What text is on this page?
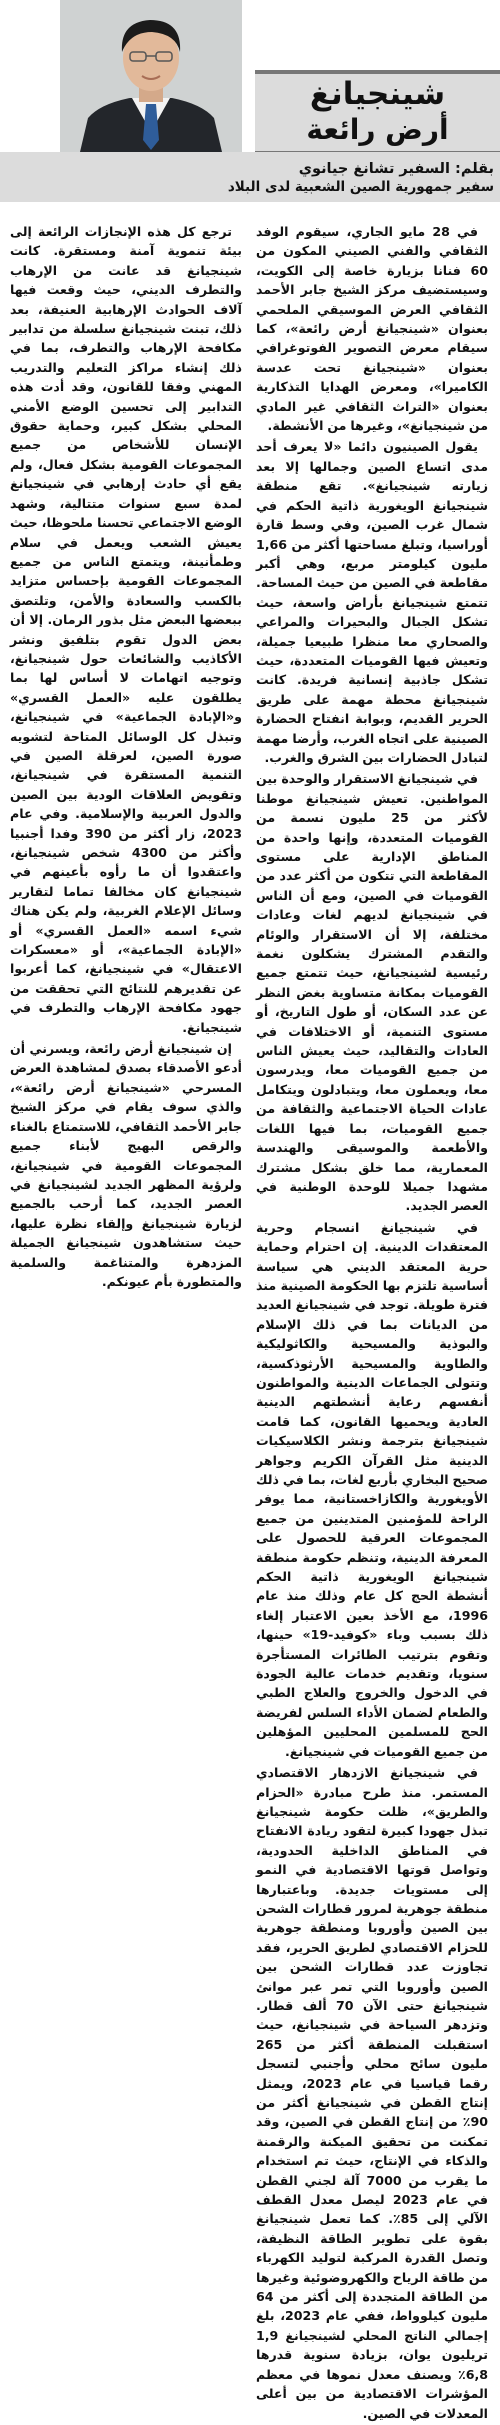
شينجيانغ
أرض رائعة
بقلم: السفير تشانغ جيانوي
سفير جمهورية الصين الشعبية لدى البلاد

في 28 مايو الجاري، سيقوم الوفد الثقافي والفني الصيني المكون من 60 فنانا بزيارة خاصة إلى الكويت، وسيستضيف مركز الشيخ جابر الأحمد الثقافي العرض الموسيقي الملحمي بعنوان «شينجيانغ أرض رائعة»، كما سيقام معرض التصوير الفوتوغرافي بعنوان «شينجيانغ تحت عدسة الكاميرا»، ومعرض الهدايا التذكارية بعنوان «التراث الثقافي غير المادي من شينجيانغ»، وغيرها من الأنشطة.

يقول الصينيون دائما «لا يعرف أحد مدى اتساع الصين وجمالها إلا بعد زيارته شينجيانغ». تقع منطقة شينجيانغ الويغورية ذاتية الحكم في شمال غرب الصين، وفي وسط قارة أوراسيا، وتبلغ مساحتها أكثر من 1,66 مليون كيلومتر مربع، وهي أكبر مقاطعة في الصين من حيث المساحة. تتمتع شينجيانغ بأراض واسعة، حيث تشكل الجبال والبحيرات والمراعي والصحاري معا منظرا طبيعيا جميلة، وتعيش فيها القوميات المتعددة، حيث تشكل جاذبية إنسانية فريدة. كانت شينجيانغ محطة مهمة على طريق الحرير القديم، وبوابة انفتاح الحضارة الصينية على اتجاه الغرب، وأرضا مهمة لتبادل الحضارات بين الشرق والغرب.

في شينجيانغ الاستقرار والوحدة بين المواطنين. تعيش شينجيانغ موطنا لأكثر من 25 مليون نسمة من القوميات المتعددة، وإنها واحدة من المناطق الإدارية على مستوى المقاطعة التي تتكون من أكثر عدد من القوميات في الصين، ومع أن الناس في شينجيانغ لديهم لغات وعادات مختلفة، إلا أن الاستقرار والوئام والتقدم المشترك يشكلون نغمة رئيسية لشينجيانغ، حيث تتمتع جميع القوميات بمكانة متساوية بغض النظر عن عدد السكان، أو طول التاريخ، أو مستوى التنمية، أو الاختلافات في العادات والتقاليد، حيث يعيش الناس من جميع القوميات معا، ويدرسون معا، ويعملون معا، ويتبادلون ويتكامل عادات الحياة الاجتماعية والثقافة من جميع القوميات، بما فيها اللغات والأطعمة والموسيقى والهندسة المعمارية، مما خلق بشكل مشترك مشهدا جميلا للوحدة الوطنية في العصر الجديد.

في شينجيانغ انسجام وحرية المعتقدات الدينية. إن احترام وحماية حرية المعتقد الديني هي سياسة أساسية تلتزم بها الحكومة الصينية منذ فترة طويلة. توجد في شينجيانغ العديد من الديانات بما في ذلك الإسلام والبوذية والمسيحية والكاثوليكية والطاوية والمسيحية الأرثوذكسية، وتتولى الجماعات الدينية والمواطنون أنفسهم رعاية أنشطتهم الدينية العادية ويحميها القانون، كما قامت شينجيانغ بترجمة ونشر الكلاسيكيات الدينية مثل القرآن الكريم وجواهر صحيح البخاري بأربع لغات، بما في ذلك الأويغورية والكازاخستانية، مما يوفر الراحة للمؤمنين المتدينين من جميع المجموعات العرقية للحصول على المعرفة الدينية، وتنظم حكومة منطقة شينجيانغ الويغورية ذاتية الحكم أنشطة الحج كل عام وذلك منذ عام 1996، مع الأخذ بعين الاعتبار إلغاء ذلك بسبب وباء «كوفيد-19» حينها، وتقوم بترتيب الطائرات المستأجرة سنويا، وتقديم خدمات عالية الجودة في الدخول والخروج والعلاج الطبي والطعام لضمان الأداء السلس لفريضة الحج للمسلمين المحليين المؤهلين من جميع القوميات في شينجيانغ.

في شينجيانغ الازدهار الاقتصادي المستمر. منذ طرح مبادرة «الحزام والطريق»، ظلت حكومة شينجيانغ تبذل جهودا كبيرة لتقود ريادة الانفتاح في المناطق الداخلية الحدودية، وتواصل قوتها الاقتصادية في النمو إلى مستويات جديدة. وباعتبارها منطقة جوهرية لمرور قطارات الشحن بين الصين وأوروبا ومنطقة جوهرية للحزام الاقتصادي لطريق الحرير، فقد تجاوزت عدد قطارات الشحن بين الصين وأوروبا التي تمر عبر موانئ شينجيانغ حتى الآن 70 ألف قطار. وتزدهر السياحة في شينجيانغ، حيث استقبلت المنطقة أكثر من 265 مليون سائح محلي وأجنبي لتسجل رقما قياسيا في عام 2023، ويمثل إنتاج القطن في شينجيانغ أكثر من 90٪ من إنتاج القطن في الصين، وقد تمكنت من تحقيق الميكنة والرقمنة والذكاء في الإنتاج، حيث تم استخدام ما يقرب من 7000 آلة لجني القطن في عام 2023 ليصل معدل القطف الآلي إلى 85٪. كما تعمل شينجيانغ بقوة على تطوير الطاقة النظيفة، وتصل القدرة المركبة لتوليد الكهرباء من طاقة الرياح والكهروضوئية وغيرها من الطاقة المتجددة إلى أكثر من 64 مليون كيلوواط، ففي عام 2023، بلغ إجمالي الناتج المحلي لشينجيانغ 1,9 تريليون يوان، بزيادة سنوية قدرها 6,8٪ ويصنف معدل نموها في معظم المؤشرات الاقتصادية من بين أعلى المعدلات في الصين.

ترجع كل هذه الإنجازات الرائعة إلى بيئة تنموية آمنة ومستقرة. كانت شينجيانغ قد عانت من الإرهاب والتطرف الديني، حيث وقعت فيها آلاف الحوادث الإرهابية العنيفة، بعد ذلك، تبنت شينجيانغ سلسلة من تدابير مكافحة الإرهاب والتطرف، بما في ذلك إنشاء مراكز التعليم والتدريب المهني وفقا للقانون، وقد أدت هذه التدابير إلى تحسين الوضع الأمني المحلي بشكل كبير، وحماية حقوق الإنسان للأشخاص من جميع المجموعات القومية بشكل فعال، ولم يقع أي حادث إرهابي في شينجيانغ لمدة سبع سنوات متتالية، وشهد الوضع الاجتماعي تحسنا ملحوظا، حيث يعيش الشعب ويعمل في سلام وطمأنينة، ويتمتع الناس من جميع المجموعات القومية بإحساس متزايد بالكسب والسعادة والأمن، وتلتصق ببعضها البعض مثل بذور الرمان. إلا أن بعض الدول تقوم بتلفيق ونشر الأكاذيب والشائعات حول شينجيانغ، وتوجيه اتهامات لا أساس لها بما يطلقون عليه «العمل القسري» و«الإبادة الجماعية» في شينجيانغ، وتبذل كل الوسائل المتاحة لتشويه صورة الصين، لعرقلة الصين في التنمية المستقرة في شينجيانغ، وتقويض العلاقات الودية بين الصين والدول العربية والإسلامية. وفي عام 2023، زار أكثر من 390 وفدا أجنبيا وأكثر من 4300 شخص شينجيانغ، واعتقدوا أن ما رأوه بأعينهم في شينجيانغ كان مخالفا تماما لتقارير وسائل الإعلام الغربية، ولم يكن هناك شيء اسمه «العمل القسري» أو «الإبادة الجماعية»، أو «معسكرات الاعتقال» في شينجيانغ، كما أعربوا عن تقديرهم للنتائج التي تحققت من جهود مكافحة الإرهاب والتطرف في شينجيانغ.

إن شينجيانغ أرض رائعة، ويسرني أن أدعو الأصدقاء بصدق لمشاهدة العرض المسرحي «شينجيانغ أرض رائعة»، والذي سوف يقام في مركز الشيخ جابر الأحمد الثقافي، للاستمتاع بالغناء والرقص البهيج لأبناء جميع المجموعات القومية في شينجيانغ، ولرؤية المظهر الجديد لشينجيانغ في العصر الجديد، كما أرحب بالجميع لزيارة شينجيانغ وإلقاء نظرة عليها، حيث ستشاهدون شينجيانغ الجميلة المزدهرة والمتناغمة والسلمية والمتطورة بأم عيونكم.
